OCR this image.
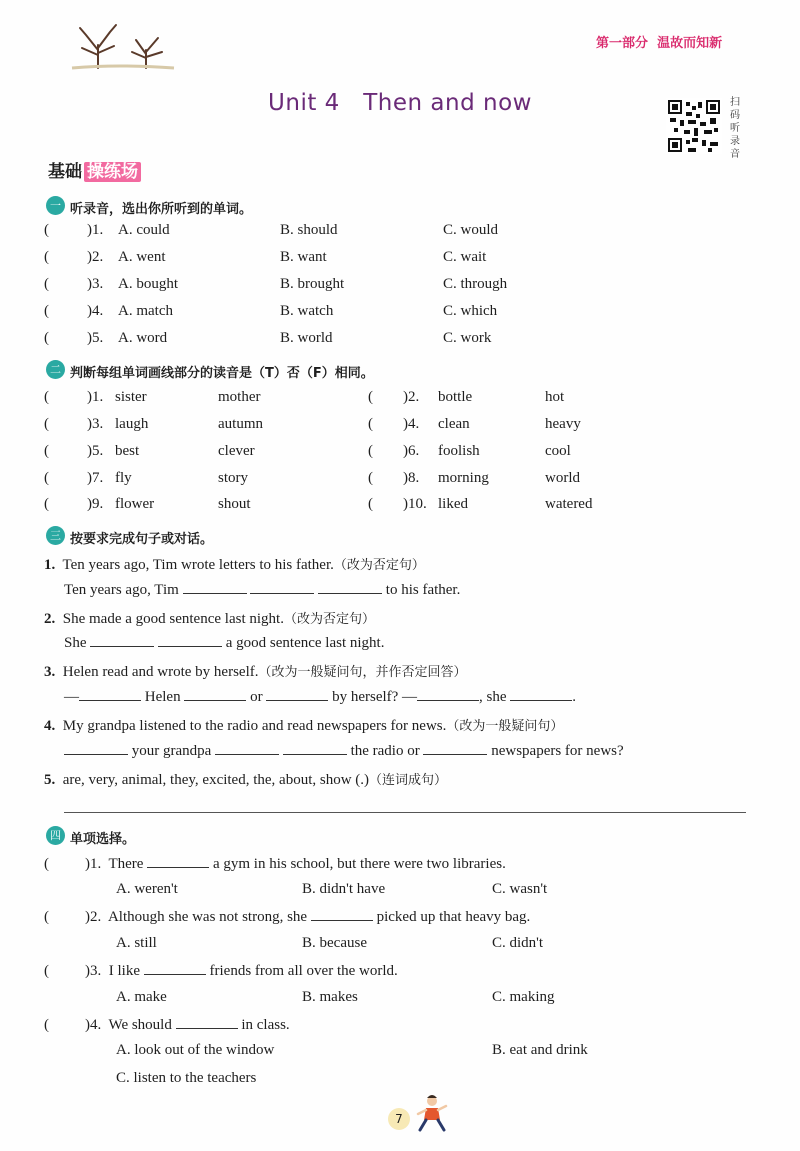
第一部分 温故而知新
Unit 4   Then and now	扫码听录音
基础 操练场
一 听录音，选出你所听到的单词。
(	)1. A. could	B. should	C. would
(	)2. A. went	B. want	C. wait
(	)3. A. bought	B. brought	C. through
(	)4. A. match	B. watch	C. which
(	)5. A. word	B. world	C. work
二 判断每组单词画线部分的读音是（T）否（F）相同。
(	)1. sister	mother	( )2. bottle	hot
(	)3. laugh	autumn	( )4. clean	heavy
(	)5. best	clever	( )6. foolish	cool
(	)7. fly	story	( )8. morning	world
(	)9. flower	shout	( )10. liked	watered
三 按要求完成句子或对话。
1. Ten years ago, Tim wrote letters to his father.（改为否定句）
Ten years ago, Tim	to his father.
2. She made a good sentence last night.（改为否定句）
She	a good sentence last night.
3. Helen read and wrote by herself.（改为一般疑问句，并作否定回答）
—	Helen	or	by herself? —	, she	.
4. My grandpa listened to the radio and read newspapers for news.（改为一般疑问句）
your grandpa	the radio or	newspapers for news?
5. are, very, animal, they, excited, the, about, show (.)（连词成句）
四 单项选择。
( )1. There	a gym in his school, but there were two libraries.
A. weren't	B. didn't have	C. wasn't
( )2. Although she was not strong, she	picked up that heavy bag.
A. still	B. because	C. didn't
( )3. I like	friends from all over the world.
A. make	B. makes	C. making
( )4. We should	in class.
A. look out of the window	B. eat and drink
C. listen to the teachers
7
